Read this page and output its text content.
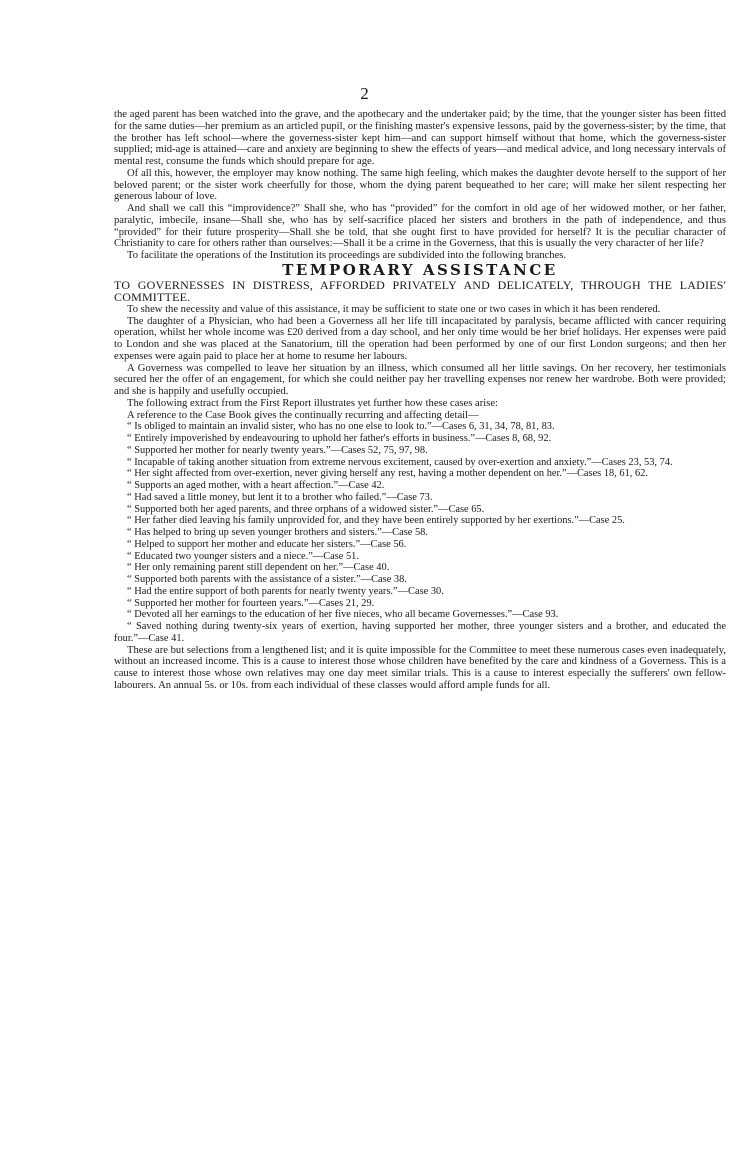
2

the aged parent has been watched into the grave, and the apothecary and the undertaker paid; by the time, that the younger sister has been fitted for the same duties—her premium as an articled pupil, or the finishing master's expensive lessons, paid by the governess-sister; by the time, that the brother has left school—where the governess-sister kept him—and can support himself without that home, which the governess-sister supplied; mid-age is attained—care and anxiety are beginning to shew the effects of years—and medical advice, and long necessary intervals of mental rest, consume the funds which should prepare for age.

Of all this, however, the employer may know nothing. The same high feeling, which makes the daughter devote herself to the support of her beloved parent; or the sister work cheerfully for those, whom the dying parent bequeathed to her care; will make her silent respecting her generous labour of love.

And shall we call this “improvidence?” Shall she, who has “provided” for the comfort in old age of her widowed mother, or her father, paralytic, imbecile, insane—Shall she, who has by self-sacrifice placed her sisters and brothers in the path of independence, and thus “provided” for their future prosperity—Shall she be told, that she ought first to have provided for herself? It is the peculiar character of Christianity to care for others rather than ourselves:—Shall it be a crime in the Governess, that this is usually the very character of her life?

To facilitate the operations of the Institution its proceedings are subdivided into the following branches.

TEMPORARY ASSISTANCE

TO GOVERNESSES IN DISTRESS, AFFORDED PRIVATELY AND DELICATELY, THROUGH THE LADIES' COMMITTEE.

To shew the necessity and value of this assistance, it may be sufficient to state one or two cases in which it has been rendered.

The daughter of a Physician, who had been a Governess all her life till incapacitated by paralysis, became afflicted with cancer requiring operation, whilst her whole income was £20 derived from a day school, and her only time would be her brief holidays. Her expenses were paid to London and she was placed at the Sanatorium, till the operation had been performed by one of our first London surgeons; and then her expenses were again paid to place her at home to resume her labours.

A Governess was compelled to leave her situation by an illness, which consumed all her little savings. On her recovery, her testimonials secured her the offer of an engagement, for which she could neither pay her travelling expenses nor renew her wardrobe. Both were provided; and she is happily and usefully occupied.

The following extract from the First Report illustrates yet further how these cases arise:

A reference to the Case Book gives the continually recurring and affecting detail—

“ Is obliged to maintain an invalid sister, who has no one else to look to.”—Cases 6, 31, 34, 78, 81, 83.

“ Entirely impoverished by endeavouring to uphold her father's efforts in business.”—Cases 8, 68, 92.

“ Supported her mother for nearly twenty years.”—Cases 52, 75, 97, 98.

“ Incapable of taking another situation from extreme nervous excitement, caused by over-exertion and anxiety.”—Cases 23, 53, 74.

“ Her sight affected from over-exertion, never giving herself any rest, having a mother dependent on her.”—Cases 18, 61, 62.

“ Supports an aged mother, with a heart affection.”—Case 42.

“ Had saved a little money, but lent it to a brother who failed.”—Case 73.

“ Supported both her aged parents, and three orphans of a widowed sister.”—Case 65.

“ Her father died leaving his family unprovided for, and they have been entirely supported by her exertions.”—Case 25.

“ Has helped to bring up seven younger brothers and sisters.”—Case 58.

“ Helped to support her mother and educate her sisters.”—Case 56.

“ Educated two younger sisters and a niece.”—Case 51.

“ Her only remaining parent still dependent on her.”—Case 40.

“ Supported both parents with the assistance of a sister.”—Case 38.

“ Had the entire support of both parents for nearly twenty years.”—Case 30.

“ Supported her mother for fourteen years.”—Cases 21, 29.

“ Devoted all her earnings to the education of her five nieces, who all became Governesses.”—Case 93.

“ Saved nothing during twenty-six years of exertion, having supported her mother, three younger sisters and a brother, and educated the four.”—Case 41.

These are but selections from a lengthened list; and it is quite impossible for the Committee to meet these numerous cases even inadequately, without an increased income. This is a cause to interest those whose children have benefited by the care and kindness of a Governess. This is a cause to interest those whose own relatives may one day meet similar trials. This is a cause to interest especially the sufferers' own fellow-labourers. An annual 5s. or 10s. from each individual of these classes would afford ample funds for all.
